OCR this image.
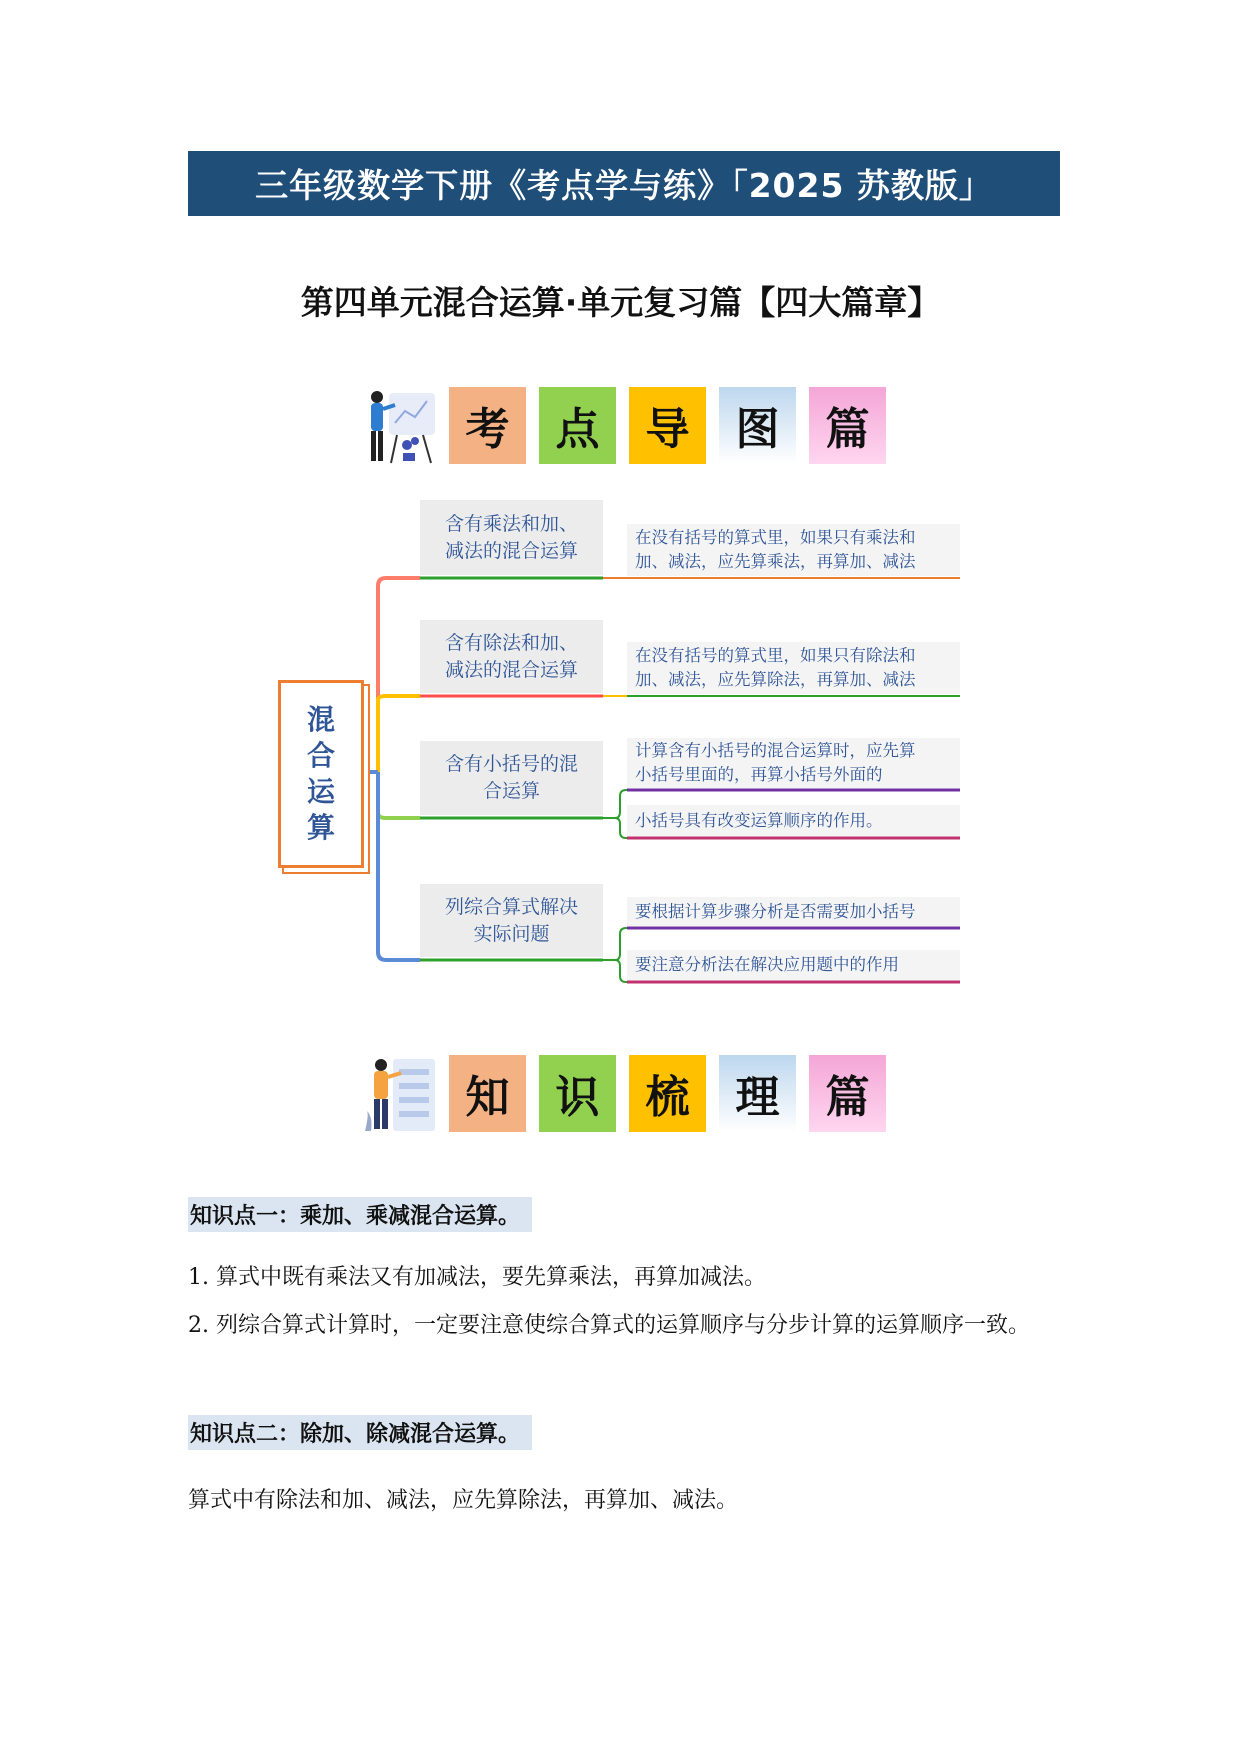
三年级数学下册《考点学与练》「2025 苏教版」
第四单元混合运算·单元复习篇【四大篇章】
考 点 导 图 篇
混
合
运
算
含有乘法和加、
减法的混合运算
含有除法和加、
减法的混合运算
含有小括号的混
合运算
列综合算式解决
实际问题
在没有括号的算式里，如果只有乘法和
加、减法，应先算乘法，再算加、减法
在没有括号的算式里，如果只有除法和
加、减法，应先算除法，再算加、减法
计算含有小括号的混合运算时，应先算
小括号里面的，再算小括号外面的
小括号具有改变运算顺序的作用。
要根据计算步骤分析是否需要加小括号
要注意分析法在解决应用题中的作用
知 识 梳 理 篇
知识点一：乘加、乘减混合运算。
1. 算式中既有乘法又有加减法，要先算乘法，再算加减法。
2. 列综合算式计算时，一定要注意使综合算式的运算顺序与分步计算的运算顺序一致。
知识点二：除加、除减混合运算。
算式中有除法和加、减法，应先算除法，再算加、减法。
